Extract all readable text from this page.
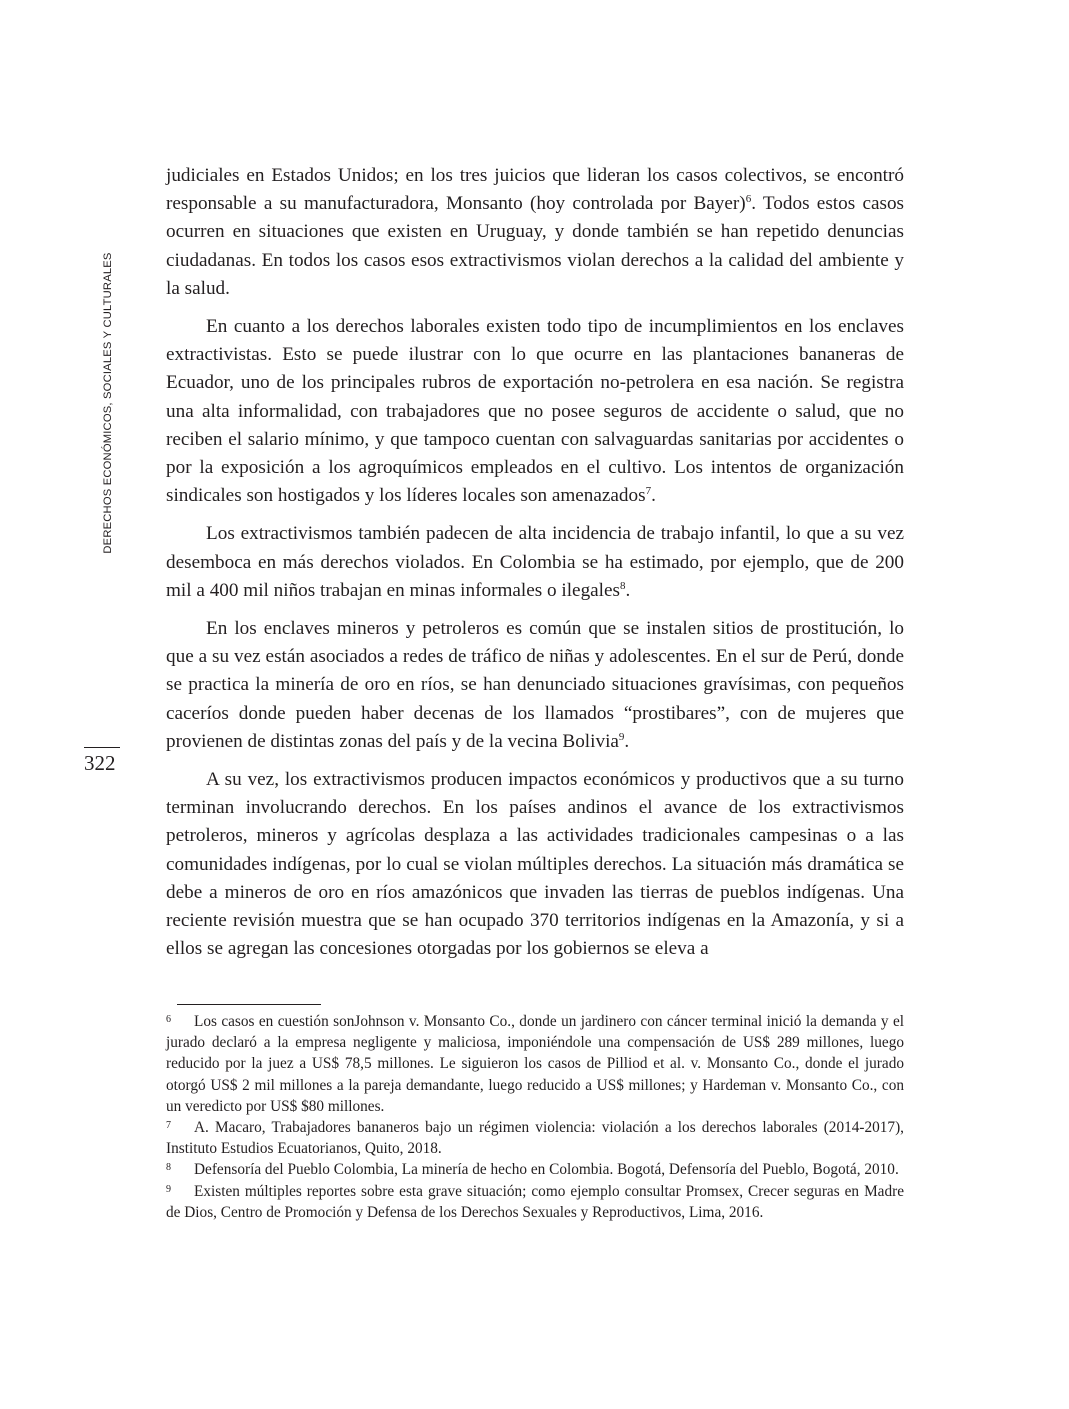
DERECHOS ECONÓMICOS, SOCIALES Y CULTURALES
322

judiciales en Estados Unidos; en los tres juicios que lideran los casos colectivos, se encontró responsable a su manufacturadora, Monsanto (hoy controlada por Bayer)$^6$. Todos estos casos ocurren en situaciones que existen en Uruguay, y donde también se han repetido denuncias ciudadanas. En todos los casos esos extractivismos violan derechos a la calidad del ambiente y la salud.

En cuanto a los derechos laborales existen todo tipo de incumplimientos en los enclaves extractivistas. Esto se puede ilustrar con lo que ocurre en las plantaciones bananeras de Ecuador, uno de los principales rubros de exportación no-petrolera en esa nación. Se registra una alta informalidad, con trabajadores que no posee seguros de accidente o salud, que no reciben el salario mínimo, y que tampoco cuentan con salvaguardas sanitarias por accidentes o por la exposición a los agroquímicos empleados en el cultivo. Los intentos de organización sindicales son hostigados y los líderes locales son amenazados$^7$.

Los extractivismos también padecen de alta incidencia de trabajo infantil, lo que a su vez desemboca en más derechos violados. En Colombia se ha estimado, por ejemplo, que de 200 mil a 400 mil niños trabajan en minas informales o ilegales$^8$.

En los enclaves mineros y petroleros es común que se instalen sitios de prostitución, lo que a su vez están asociados a redes de tráfico de niñas y adolescentes. En el sur de Perú, donde se practica la minería de oro en ríos, se han denunciado situaciones gravísimas, con pequeños caceríos donde pueden haber decenas de los llamados “prostibares”, con de mujeres que provienen de distintas zonas del país y de la vecina Bolivia$^9$.

A su vez, los extractivismos producen impactos económicos y productivos que a su turno terminan involucrando derechos. En los países andinos el avance de los extractivismos petroleros, mineros y agrícolas desplaza a las actividades tradicionales campesinas o a las comunidades indígenas, por lo cual se violan múltiples derechos. La situación más dramática se debe a mineros de oro en ríos amazónicos que invaden las tierras de pueblos indígenas. Una reciente revisión muestra que se han ocupado 370 territorios indígenas en la Amazonía, y si a ellos se agregan las concesiones otorgadas por los gobiernos se eleva a

6 Los casos en cuestión sonJohnson v. Monsanto Co., donde un jardinero con cáncer terminal inició la demanda y el jurado declaró a la empresa negligente y maliciosa, imponiéndole una compensación de US$ 289 millones, luego reducido por la juez a US$ 78,5 millones. Le siguieron los casos de Pilliod et al. v. Monsanto Co., donde el jurado otorgó US$ 2 mil millones a la pareja demandante, luego reducido a US$ millones; y Hardeman v. Monsanto Co., con un veredicto por US$ $80 millones.

7 A. Macaro, Trabajadores bananeros bajo un régimen violencia: violación a los derechos laborales (2014-2017), Instituto Estudios Ecuatorianos, Quito, 2018.

8 Defensoría del Pueblo Colombia, La minería de hecho en Colombia. Bogotá, Defensoría del Pueblo, Bogotá, 2010.

9 Existen múltiples reportes sobre esta grave situación; como ejemplo consultar Promsex, Crecer seguras en Madre de Dios, Centro de Promoción y Defensa de los Derechos Sexuales y Reproductivos, Lima, 2016.
